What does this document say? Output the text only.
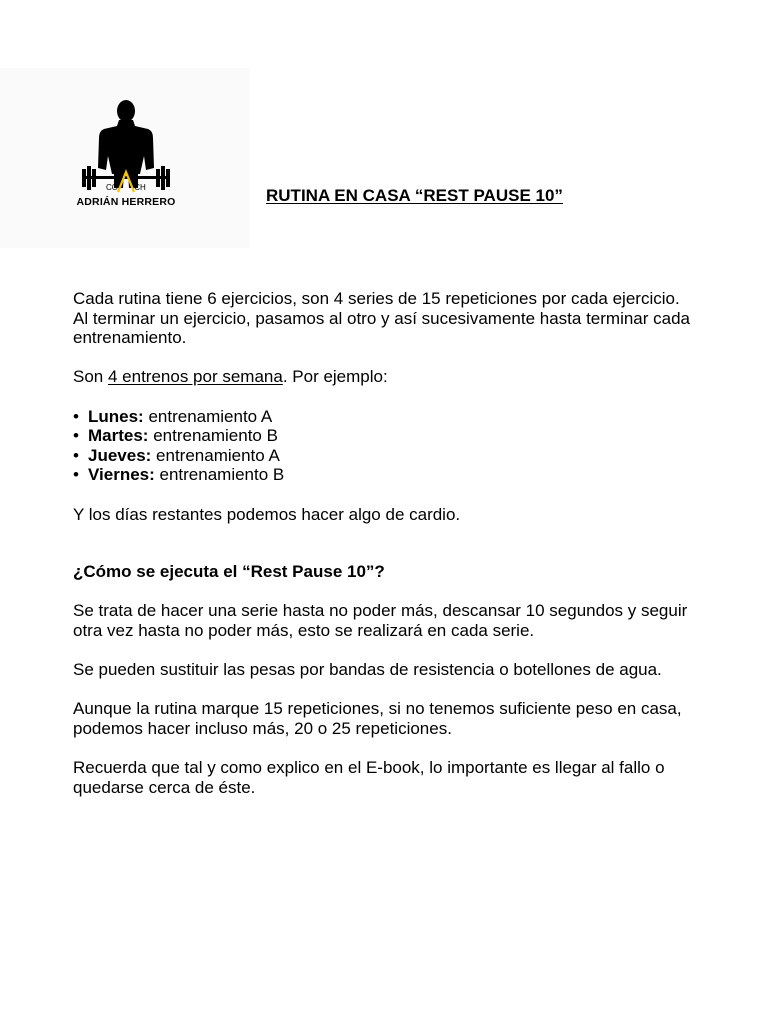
CO CH
ADRIÁN HERRERO	RUTINA EN CASA “REST PAUSE 10”

Cada rutina tiene 6 ejercicios, son 4 series de 15 repeticiones por cada ejercicio.

Al terminar un ejercicio, pasamos al otro y así sucesivamente hasta terminar cada entrenamiento.

Son 4 entrenos por semana. Por ejemplo:

• Lunes: entrenamiento A
• Martes: entrenamiento B
• Jueves: entrenamiento A
• Viernes: entrenamiento B

Y los días restantes podemos hacer algo de cardio.

¿Cómo se ejecuta el “Rest Pause 10”?

Se trata de hacer una serie hasta no poder más, descansar 10 segundos y seguir otra vez hasta no poder más, esto se realizará en cada serie.

Se pueden sustituir las pesas por bandas de resistencia o botellones de agua.

Aunque la rutina marque 15 repeticiones, si no tenemos suficiente peso en casa, podemos hacer incluso más, 20 o 25 repeticiones.

Recuerda que tal y como explico en el E-book, lo importante es llegar al fallo o quedarse cerca de éste.
